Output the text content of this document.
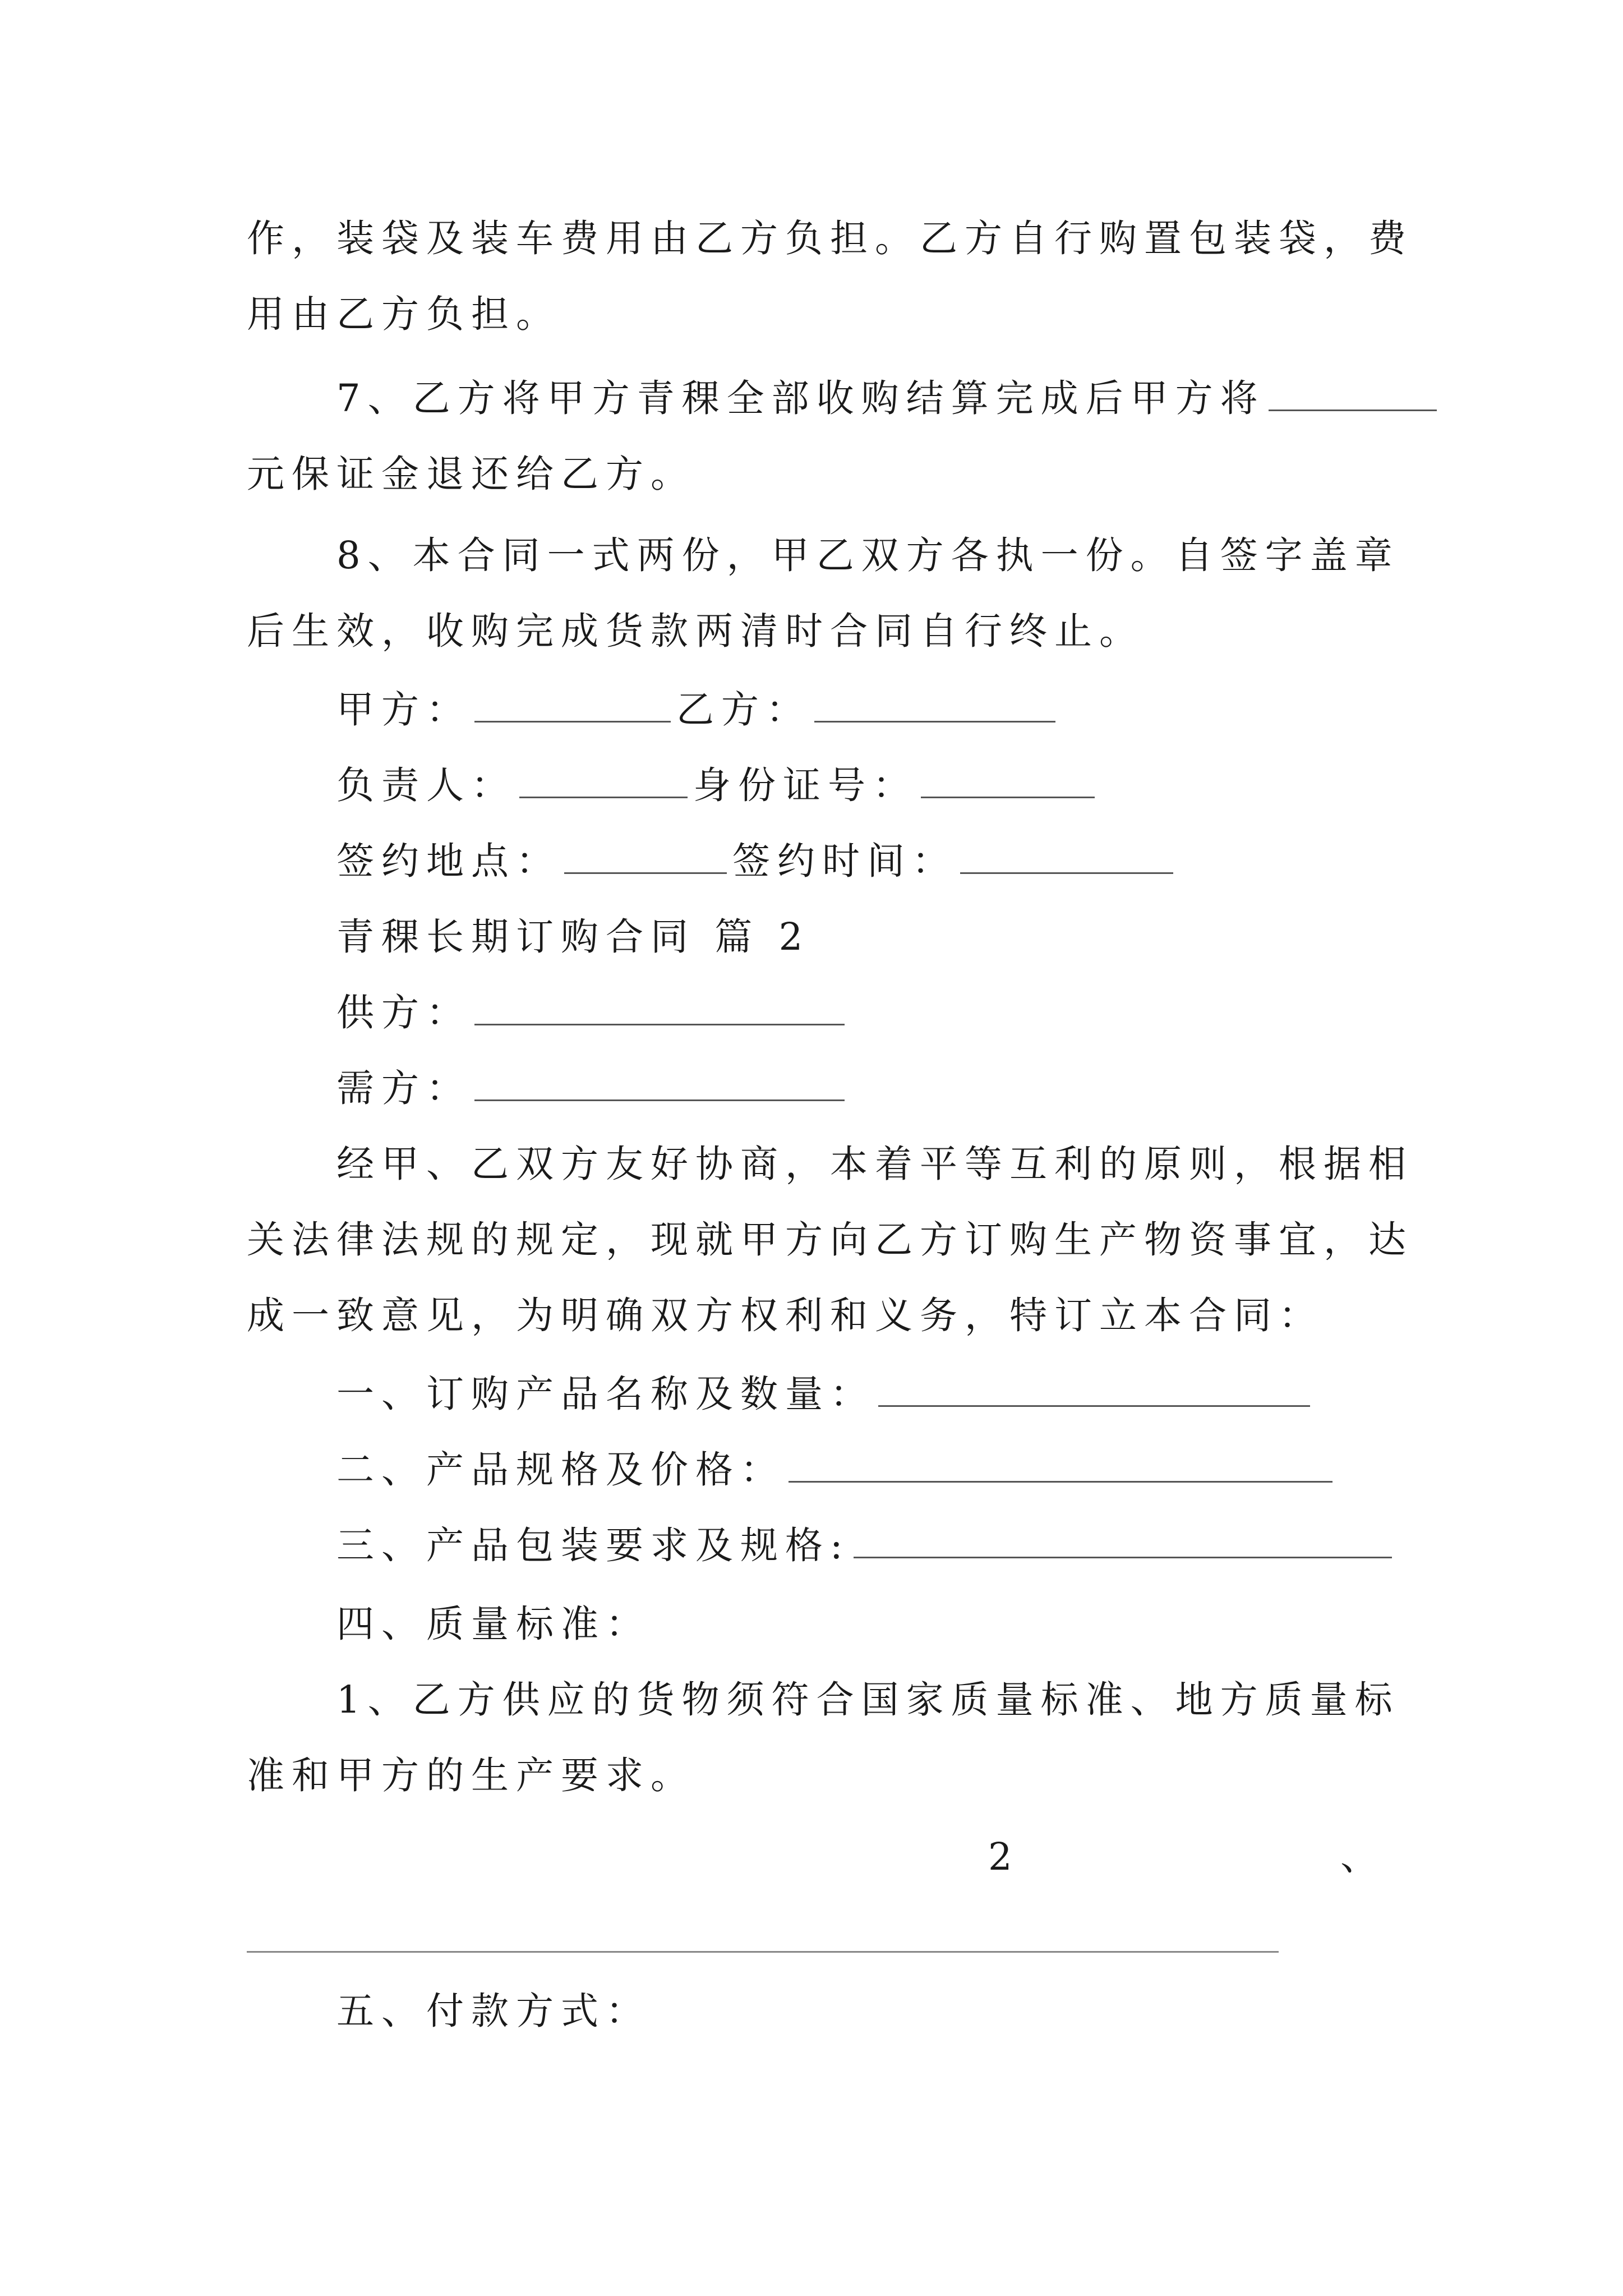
作，装袋及装车费用由乙方负担。乙方自行购置包装袋，费

用由乙方负担。

7、乙方将甲方青稞全部收购结算完成后甲方将

元保证金退还给乙方。

8、本合同一式两份，甲乙双方各执一份。自签字盖章

后生效，收购完成货款两清时合同自行终止。

甲方：	乙方：

负责人：	身份证号：

签约地点：	签约时间：

青稞长期订购合同 篇 2

供方：

需方：

经甲、乙双方友好协商，本着平等互利的原则，根据相

关法律法规的规定，现就甲方向乙方订购生产物资事宜，达

成一致意见，为明确双方权利和义务，特订立本合同：

一、订购产品名称及数量：

二、产品规格及价格：

三、产品包装要求及规格:

四、质量标准：

1、乙方供应的货物须符合国家质量标准、地方质量标

准和甲方的生产要求。

2	、

五、付款方式：
